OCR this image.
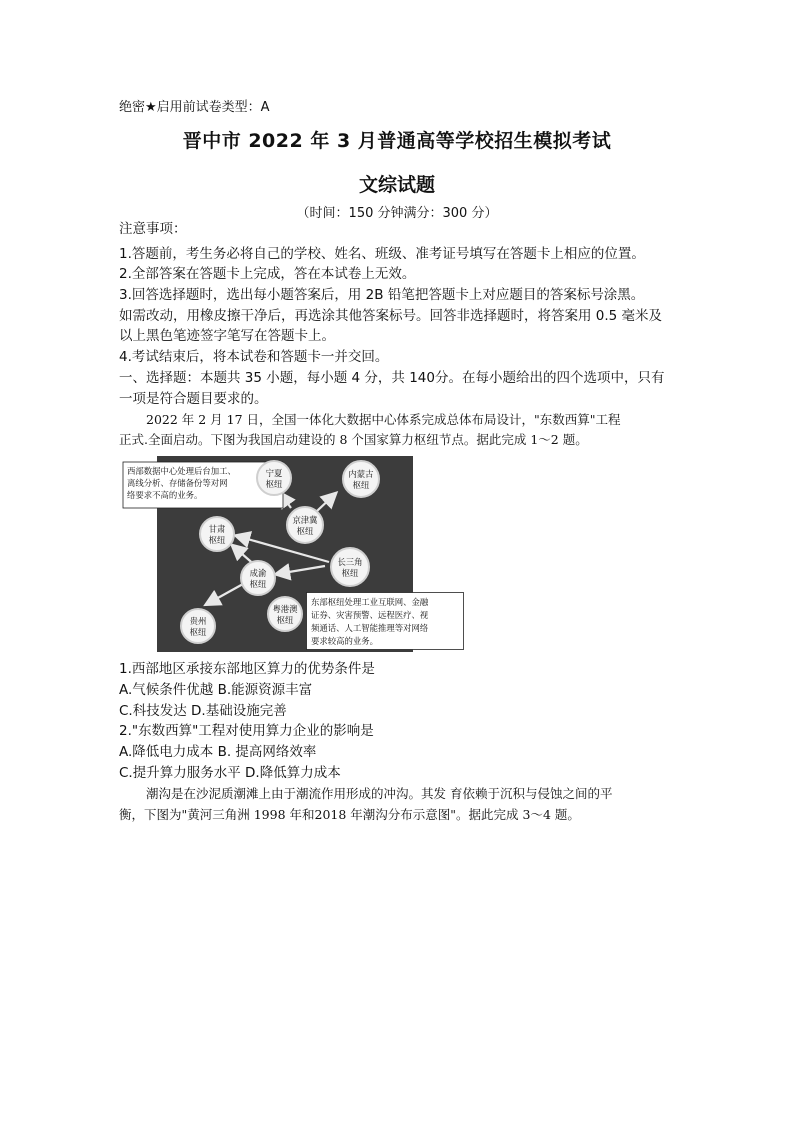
绝密★启用前试卷类型：A
晋中市 2022 年 3 月普通高等学校招生模拟考试
文综试题
（时间：150 分钟满分：300 分）
注意事项：
1.答题前，考生务必将自己的学校、姓名、班级、准考证号填写在答题卡上相应的位置。
2.全部答案在答题卡上完成，答在本试卷上无效。
3.回答选择题时，选出每小题答案后，用 2B 铅笔把答题卡上对应题目的答案标号涂黑。
如需改动，用橡皮擦干净后，再选涂其他答案标号。回答非选择题时，将答案用 0.5 毫米及
以上黑色笔迹签字笔写在答题卡上。
4.考试结束后，将本试卷和答题卡一并交回。
一、选择题：本题共 35 小题，每小题 4 分，共 140分。在每小题给出的四个选项中，只有
一项是符合题目要求的。
2022 年 2 月 17 日，全国一体化大数据中心体系完成总体布局设计，"东数西算"工程
正式.全面启动。下图为我国启动建设的 8 个国家算力枢纽节点。据此完成 1～2 题。
西部数据中心处理后台加工、
离线分析、存储备份等对网
络要求不高的业务。
宁夏
枢纽
内蒙古
枢纽
京津冀
枢纽
甘肃
枢纽
长三角
枢纽
成渝
枢纽
粤港澳
枢纽
贵州
枢纽
东部枢纽处理工业互联网、金融
证券、灾害预警、远程医疗、视
频通话、人工智能推理等对网络
要求较高的业务。
1.西部地区承接东部地区算力的优势条件是
A.气候条件优越 B.能源资源丰富
C.科技发达 D.基础设施完善
2."东数西算"工程对使用算力企业的影响是
A.降低电力成本 B. 提高网络效率
C.提升算力服务水平 D.降低算力成本
潮沟是在沙泥质潮滩上由于潮流作用形成的冲沟。其发 育依赖于沉积与侵蚀之间的平
衡，下图为"黄河三角洲 1998 年和2018 年潮沟分布示意图"。据此完成 3～4 题。
